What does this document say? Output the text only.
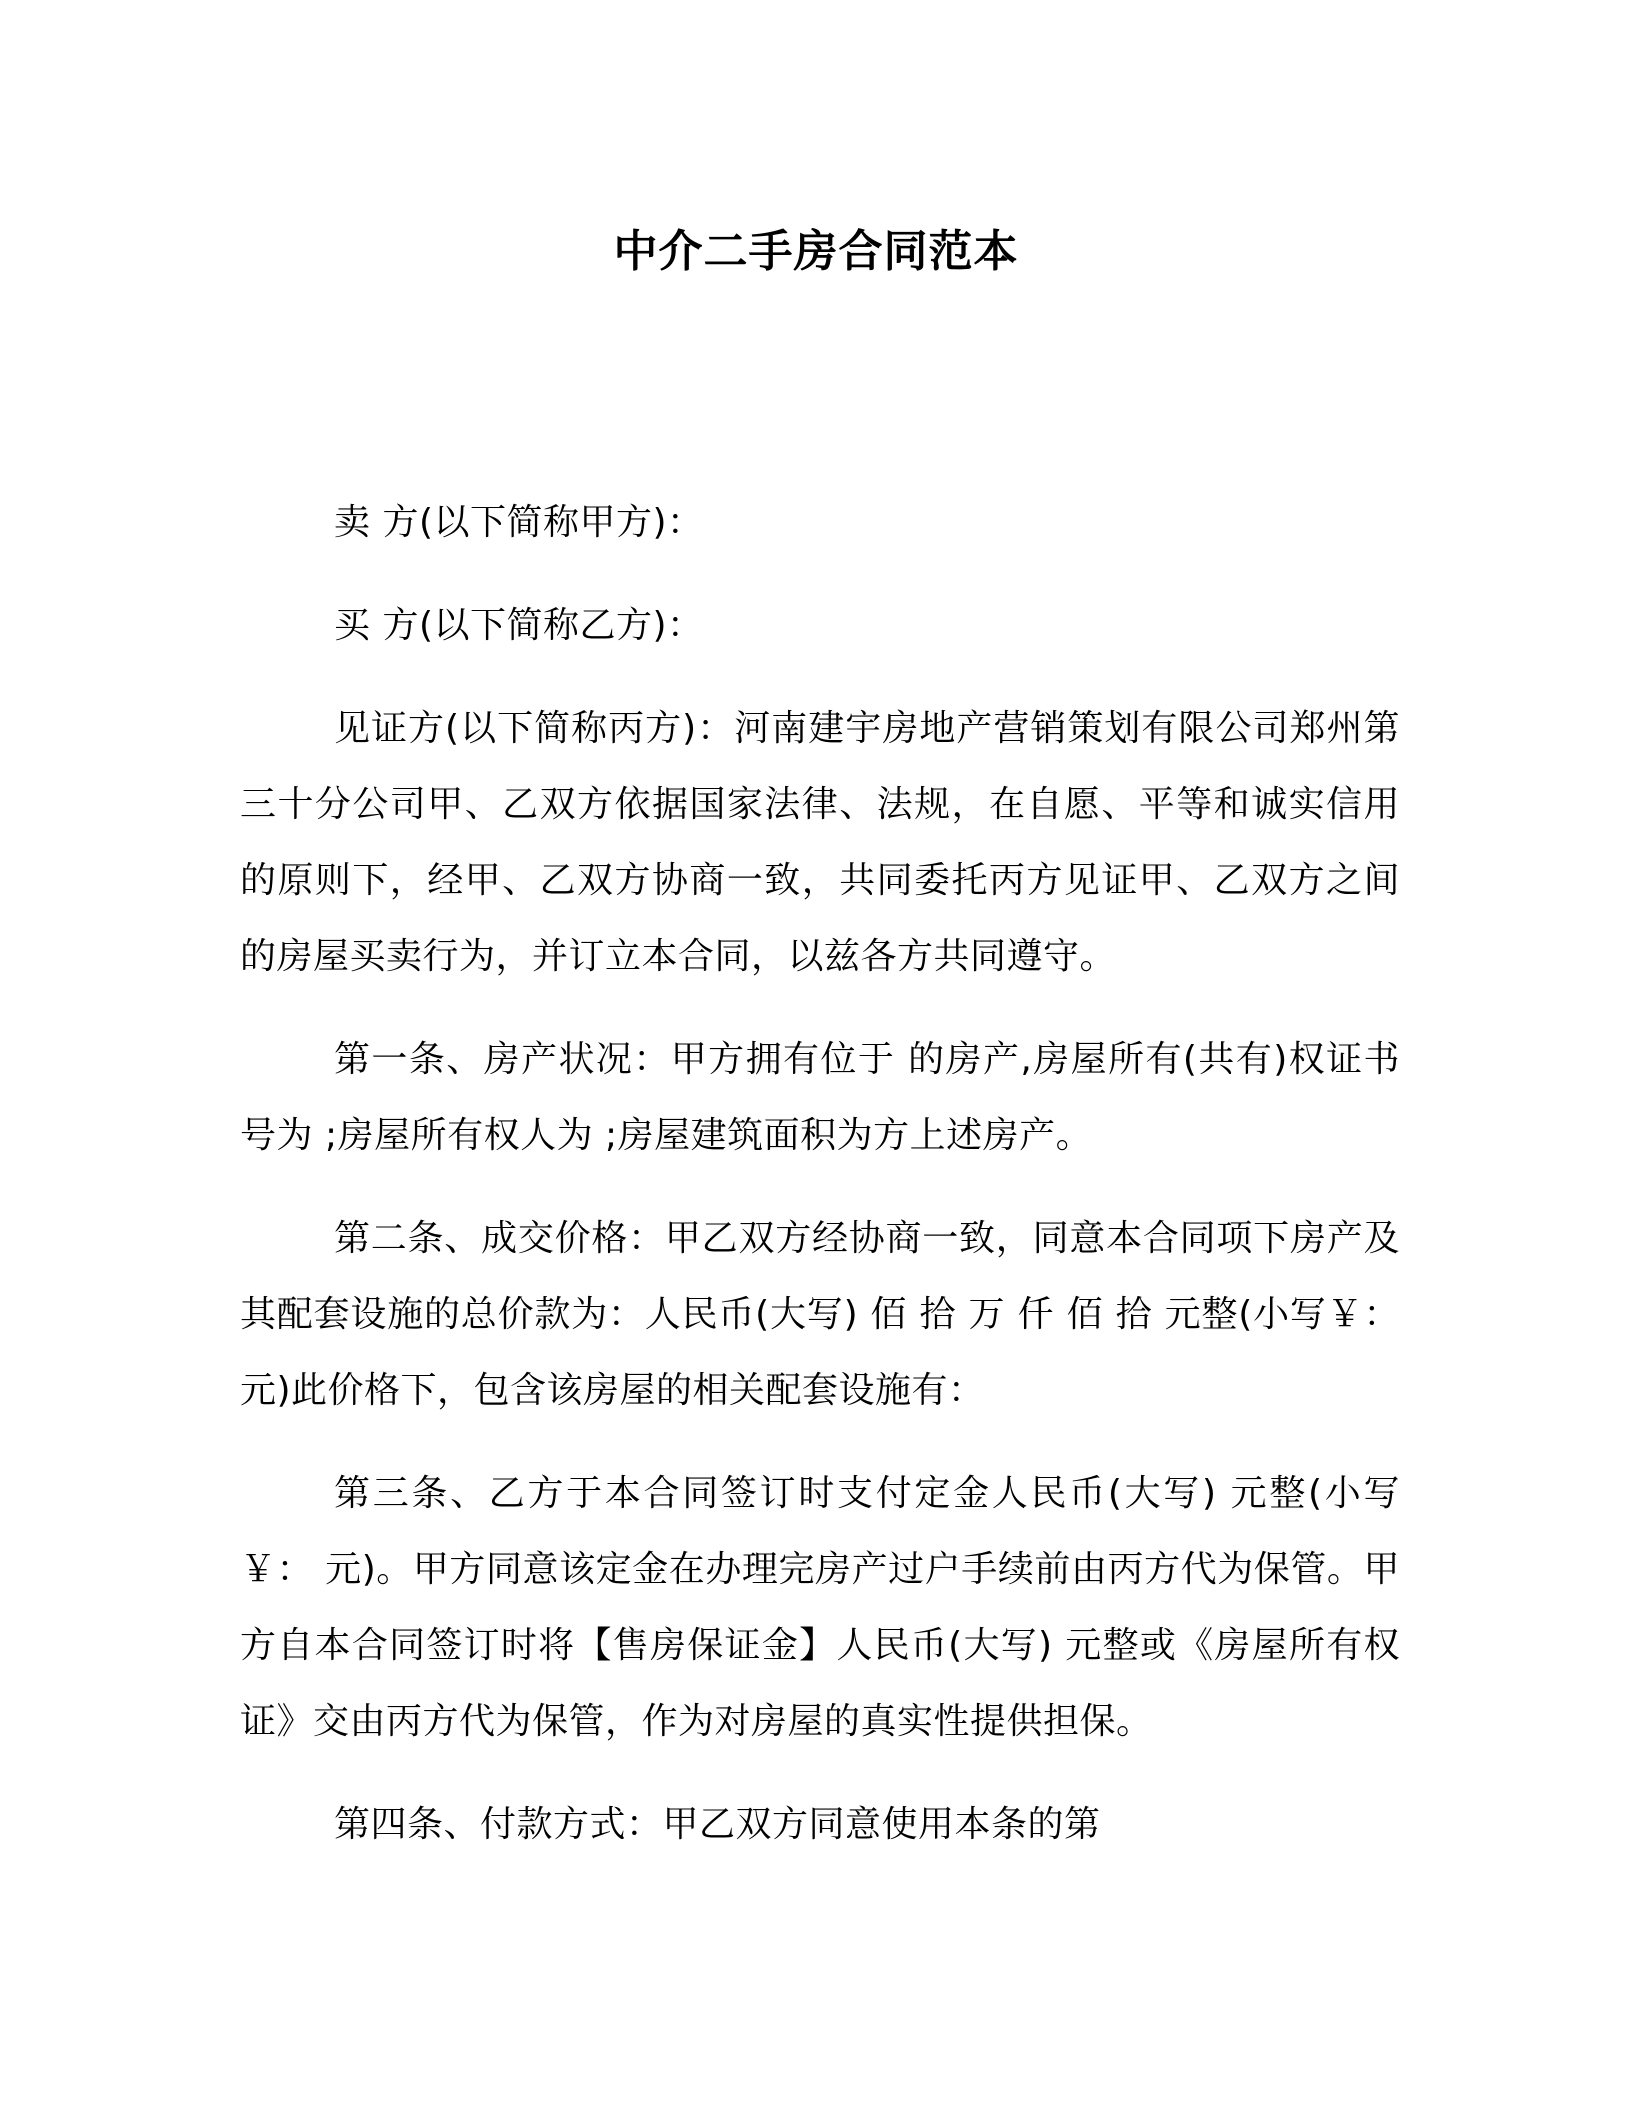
中介二手房合同范本

卖 方(以下简称甲方)：

买 方(以下简称乙方)：

见证方(以下简称丙方)：河南建宇房地产营销策划有限公司郑州第三十分公司甲、乙双方依据国家法律、法规，在自愿、平等和诚实信用的原则下，经甲、乙双方协商一致，共同委托丙方见证甲、乙双方之间的房屋买卖行为，并订立本合同，以兹各方共同遵守。

第一条、房产状况：甲方拥有位于 的房产,房屋所有(共有)权证书号为 ;房屋所有权人为 ;房屋建筑面积为方上述房产。

第二条、成交价格：甲乙双方经协商一致，同意本合同项下房产及其配套设施的总价款为：人民币(大写) 佰 拾 万 仟 佰 拾 元整(小写￥：元)此价格下，包含该房屋的相关配套设施有：

第三条、乙方于本合同签订时支付定金人民币(大写) 元整(小写￥： 元)。甲方同意该定金在办理完房产过户手续前由丙方代为保管。甲方自本合同签订时将【售房保证金】人民币(大写) 元整或《房屋所有权证》交由丙方代为保管，作为对房屋的真实性提供担保。

第四条、付款方式：甲乙双方同意使用本条的第
